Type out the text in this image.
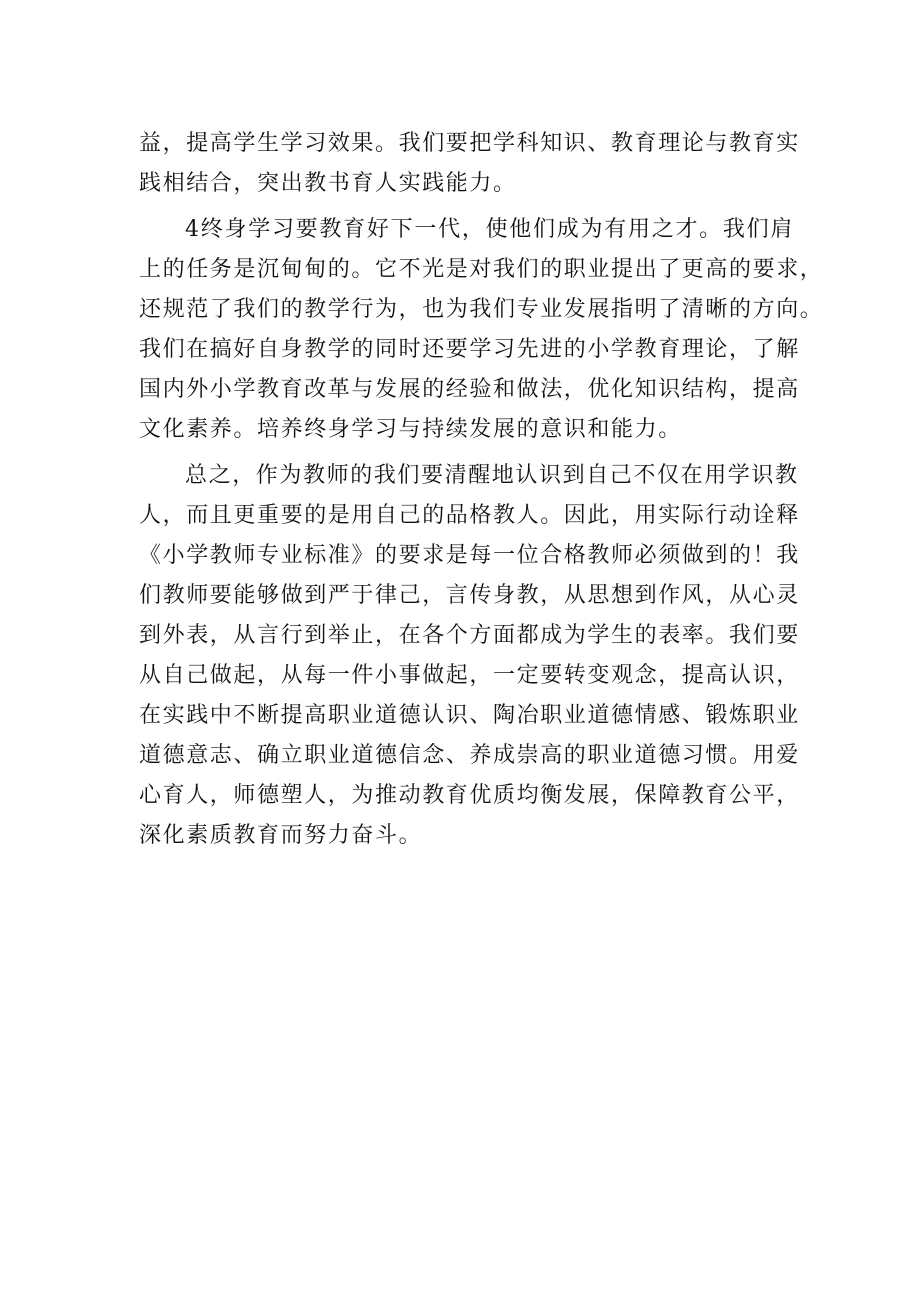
益，提高学生学习效果。我们要把学科知识、教育理论与教育实
践相结合，突出教书育人实践能力。
4终身学习要教育好下一代，使他们成为有用之才。我们肩
上的任务是沉甸甸的。它不光是对我们的职业提出了更高的要求，
还规范了我们的教学行为，也为我们专业发展指明了清晰的方向。
我们在搞好自身教学的同时还要学习先进的小学教育理论，了解
国内外小学教育改革与发展的经验和做法，优化知识结构，提高
文化素养。培养终身学习与持续发展的意识和能力。
总之，作为教师的我们要清醒地认识到自己不仅在用学识教
人，而且更重要的是用自己的品格教人。因此，用实际行动诠释
《小学教师专业标准》的要求是每一位合格教师必须做到的！我
们教师要能够做到严于律己，言传身教，从思想到作风，从心灵
到外表，从言行到举止，在各个方面都成为学生的表率。我们要
从自己做起，从每一件小事做起，一定要转变观念，提高认识，
在实践中不断提高职业道德认识、陶冶职业道德情感、锻炼职业
道德意志、确立职业道德信念、养成崇高的职业道德习惯。用爱
心育人，师德塑人，为推动教育优质均衡发展，保障教育公平，
深化素质教育而努力奋斗。
